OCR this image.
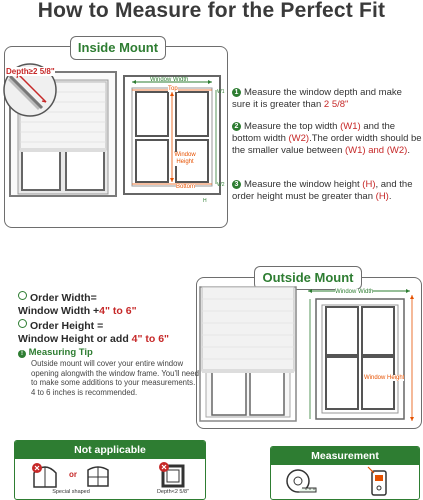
How to Measure for the Perfect Fit
Inside Mount
Depth≥2 5/8"
Window Width
Top
Window Height
Bottom
W1
W2
H
1 Measure the window depth and make sure it is greater than 2 5/8"
2 Measure the top width (W1) and the bottom width (W2).The order width should be the smaller value between (W1) and (W2).
3 Measure the window height (H), and the order height must be greater than (H).
Outside Mount
Order Width=
Window Width +4" to 6"
Order Height =
Window Height or add 4" to 6"
! Measuring Tip
Outside mount will cover your entire window opening alongwith the window frame. You'll need to make some additions to your measurements. 4 to 6 inches is recommended.
Window Width
Window Height
Not applicable
or
Special shaped	Depth<2 5/8"
Measurement
